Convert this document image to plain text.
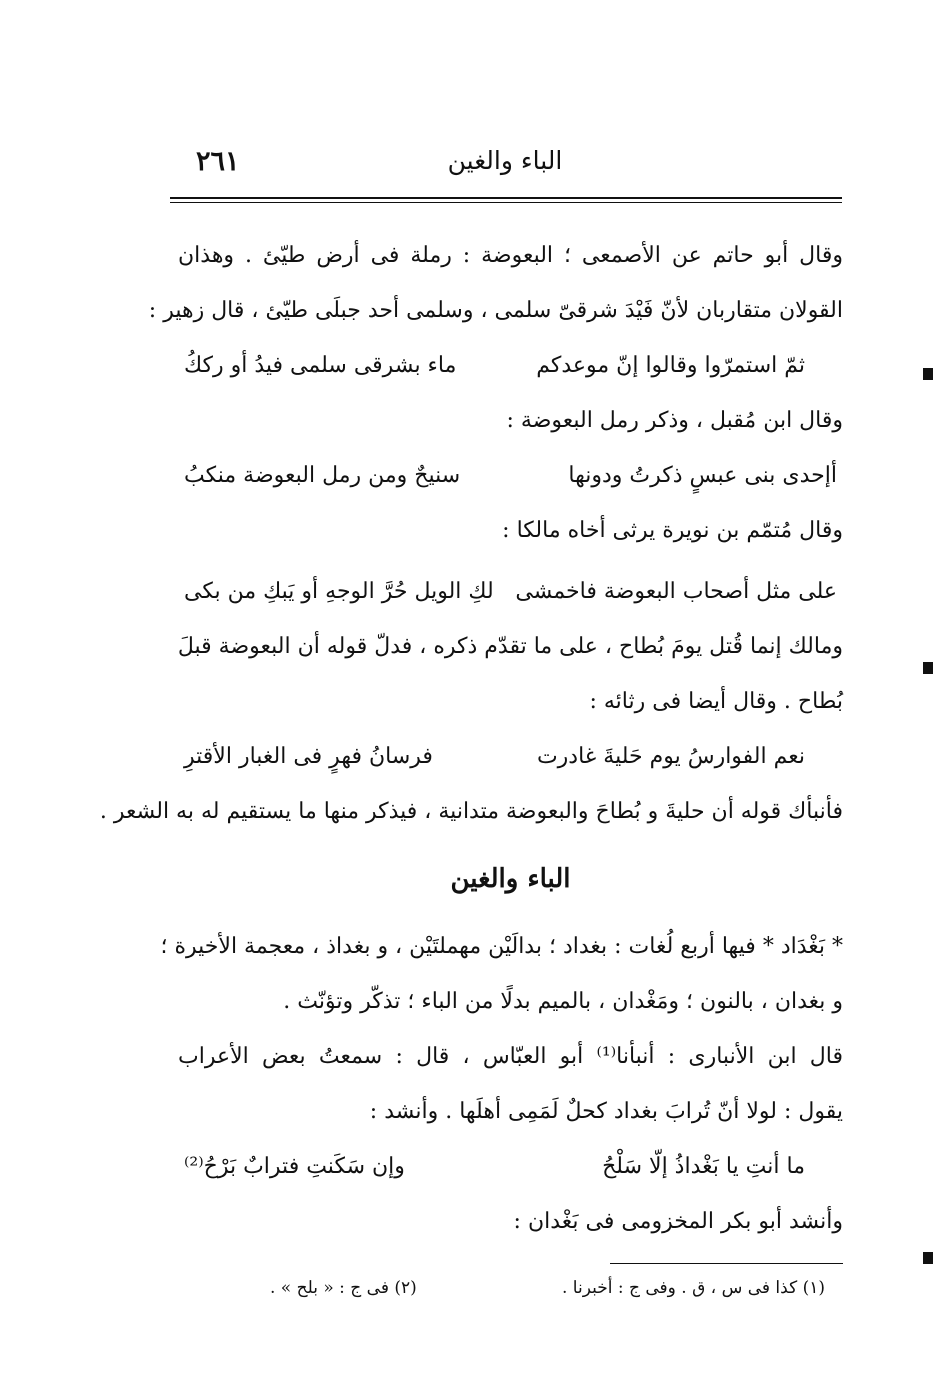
الباء والغين
٢٦١
وقال أبو حاتم عن الأصمعى ؛ البعوضة : رملة فى أرض طيّئ . وهذان
القولان متقاربان لأنّ فَيْدَ شرقىّ سلمى ، وسلمى أحد جبلَى طيّئ ، قال زهير :
ثمّ استمرّوا وقالوا إنّ موعدكم
ماء بشرقى سلمى فيدُ أو رككُ
وقال ابن مُقبل ، وذكر رمل البعوضة :
أإحدى بنى عبسٍ ذكرتُ ودونها
سنيحٌ ومن رمل البعوضة منكبُ
وقال مُتمّم بن نويرة يرثى أخاه مالكا :
على مثل أصحاب البعوضة فاخمشى
لكِ الويل حُرَّ الوجهِ أو يَبكِ من بكى
ومالك إنما قُتل يومَ بُطاح ، على ما تقدّم ذكره ، فدلّ قوله أن البعوضة قبلَ
بُطاح . وقال أيضا فى رثائه :
نعم الفوارسُ يوم حَليةَ غادرت
فرسانُ فهرٍ فى الغبار الأقترِ
فأنبأك قوله أن حليةَ و بُطاحَ والبعوضة متدانية ، فيذكر منها ما يستقيم له به الشعر .
الباء والغين
* بَغْدَاد * فيها أربع لُغات : بغداد ؛ بدالَيْن مهملتَيْن ، و بغداذ ، معجمة الأخيرة ؛
و بغدان ، بالنون ؛ ومَغْدان ، بالميم بدلًا من الباء ؛ تذكّر وتؤنّث .
قال ابن الأنبارى : أنبأنا⁽¹⁾ أبو العبّاس ، قال : سمعتُ بعض الأعراب
يقول : لولا أنّ تُرابَ بغداد كحلٌ لَمَمِى أهلَها . وأنشد :
ما أنتِ يا بَغْداذُ إلّا سَلْحُ
وإن سَكَنتِ فترابٌ بَرْحُ⁽²⁾
وأنشد أبو بكر المخزومى فى بَغْدان :
(١) كذا فى س ، ق . وفى ج : أخبرنا .
(٢) فى ج : « بلح » .
